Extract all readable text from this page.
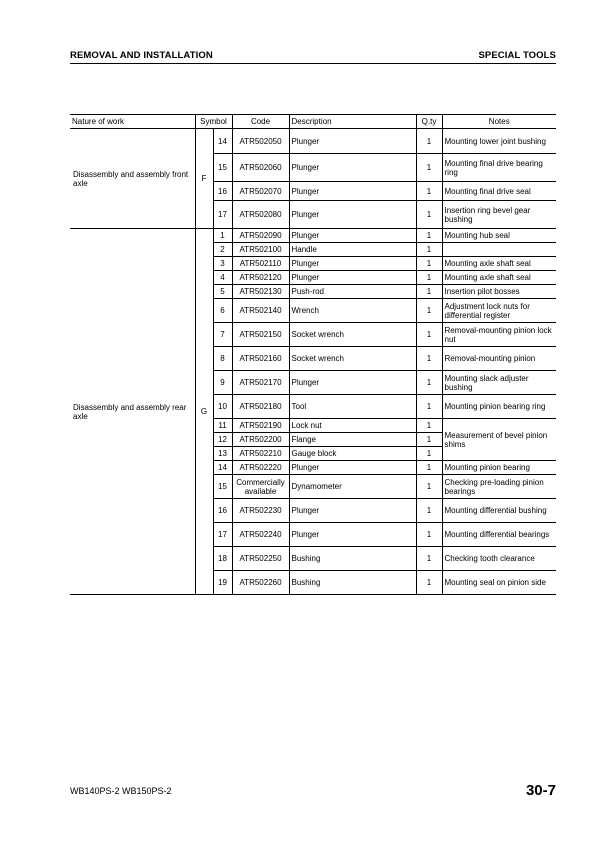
REMOVAL AND INSTALLATION	SPECIAL TOOLS
Nature of work	Symbol		Code	Description	Q.ty	Notes
Disassembly and assembly front axle	F	14	ATR502050	Plunger	1	Mounting lower joint bushing
		15	ATR502060	Plunger	1	Mounting final drive bearing ring
		16	ATR502070	Plunger	1	Mounting final drive seal
		17	ATR502080	Plunger	1	Insertion ring bevel gear bushing
Disassembly and assembly rear axle	G	1	ATR502090	Plunger	1	Mounting hub seal
		2	ATR502100	Handle	1	
		3	ATR502110	Plunger	1	Mounting axle shaft seal
		4	ATR502120	Plunger	1	Mounting axle shaft seal
		5	ATR502130	Push-rod	1	Insertion pilot bosses
		6	ATR502140	Wrench	1	Adjustment lock nuts for differential register
		7	ATR502150	Socket wrench	1	Removal-mounting pinion lock nut
		8	ATR502160	Socket wrench	1	Removal-mounting pinion
		9	ATR502170	Plunger	1	Mounting slack adjuster bushing
		10	ATR502180	Tool	1	Mounting pinion bearing ring
		11	ATR502190	Lock nut	1	Measurement of bevel pinion shims
		12	ATR502200	Flange	1	
		13	ATR502210	Gauge block	1	
		14	ATR502220	Plunger	1	Mounting pinion bearing
		15	Commercially available	Dynamometer	1	Checking pre-loading pinion bearings
		16	ATR502230	Plunger	1	Mounting differential bushing
		17	ATR502240	Plunger	1	Mounting differential bearings
		18	ATR502250	Bushing	1	Checking tooth clearance
		19	ATR502260	Bushing	1	Mounting seal on pinion side
WB140PS-2 WB150PS-2	30-7
